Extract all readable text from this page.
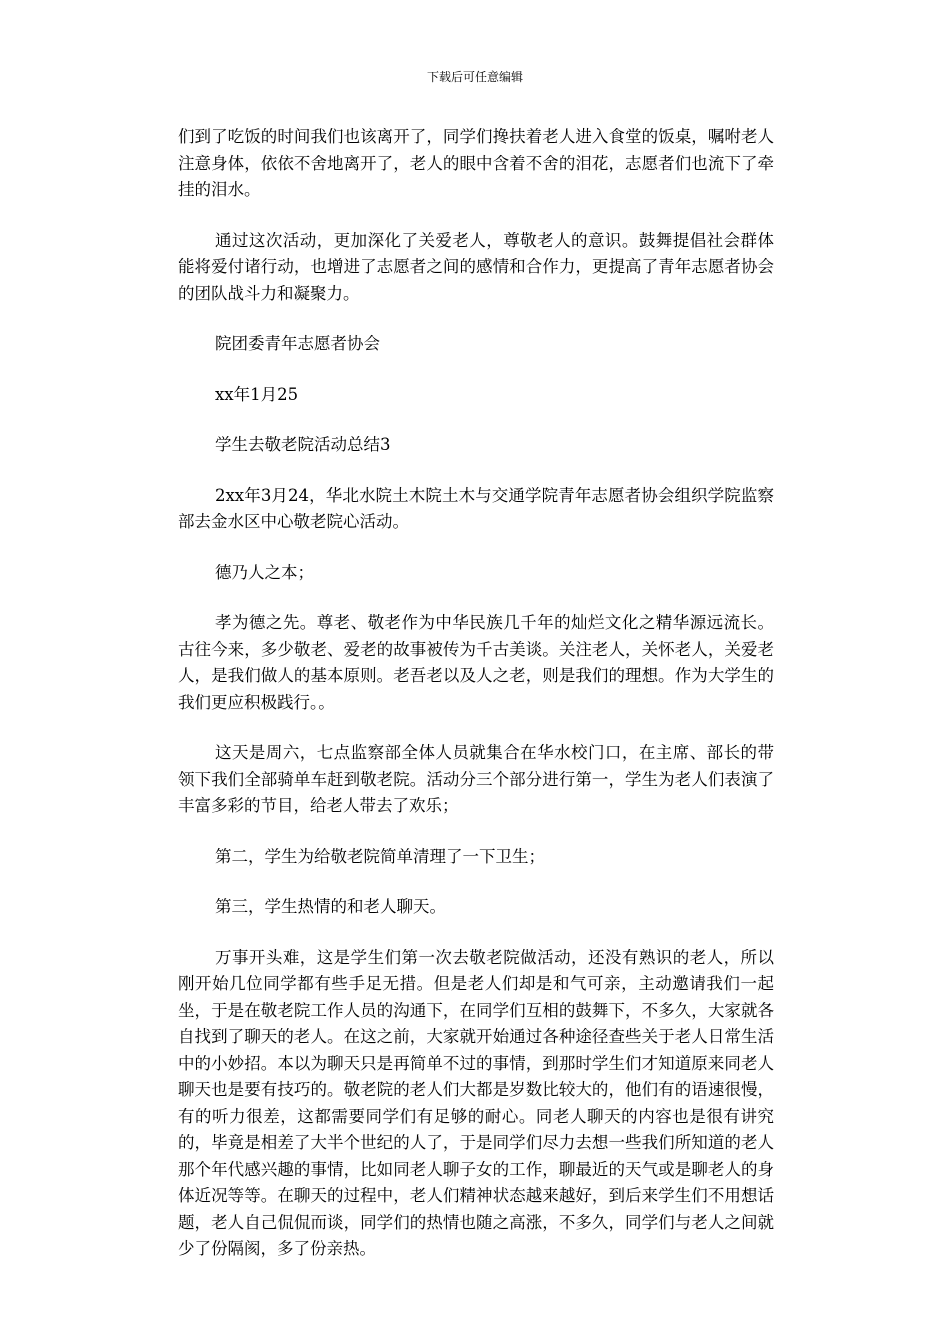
下载后可任意编辑

们到了吃饭的时间我们也该离开了，同学们搀扶着老人进入食堂的饭桌，嘱咐老人注意身体，依依不舍地离开了，老人的眼中含着不舍的泪花，志愿者们也流下了牵挂的泪水。

通过这次活动，更加深化了关爱老人，尊敬老人的意识。鼓舞提倡社会群体能将爱付诸行动，也增进了志愿者之间的感情和合作力，更提高了青年志愿者协会的团队战斗力和凝聚力。

院团委青年志愿者协会

xx年1月25

学生去敬老院活动总结3

2xx年3月24，华北水院土木院土木与交通学院青年志愿者协会组织学院监察部去金水区中心敬老院心活动。

德乃人之本；

孝为德之先。尊老、敬老作为中华民族几千年的灿烂文化之精华源远流长。古往今来，多少敬老、爱老的故事被传为千古美谈。关注老人，关怀老人，关爱老人，是我们做人的基本原则。老吾老以及人之老，则是我们的理想。作为大学生的我们更应积极践行。。

这天是周六，七点监察部全体人员就集合在华水校门口，在主席、部长的带领下我们全部骑单车赶到敬老院。活动分三个部分进行第一，学生为老人们表演了丰富多彩的节目，给老人带去了欢乐；

第二，学生为给敬老院简单清理了一下卫生；

第三，学生热情的和老人聊天。

万事开头难，这是学生们第一次去敬老院做活动，还没有熟识的老人，所以刚开始几位同学都有些手足无措。但是老人们却是和气可亲，主动邀请我们一起坐，于是在敬老院工作人员的沟通下，在同学们互相的鼓舞下，不多久，大家就各自找到了聊天的老人。在这之前，大家就开始通过各种途径查些关于老人日常生活中的小妙招。本以为聊天只是再简单不过的事情，到那时学生们才知道原来同老人聊天也是要有技巧的。敬老院的老人们大都是岁数比较大的，他们有的语速很慢，有的听力很差，这都需要同学们有足够的耐心。同老人聊天的内容也是很有讲究的，毕竟是相差了大半个世纪的人了，于是同学们尽力去想一些我们所知道的老人那个年代感兴趣的事情，比如同老人聊子女的工作，聊最近的天气或是聊老人的身体近况等等。在聊天的过程中，老人们精神状态越来越好，到后来学生们不用想话题，老人自己侃侃而谈，同学们的热情也随之高涨，不多久，同学们与老人之间就少了份隔阂，多了份亲热。
